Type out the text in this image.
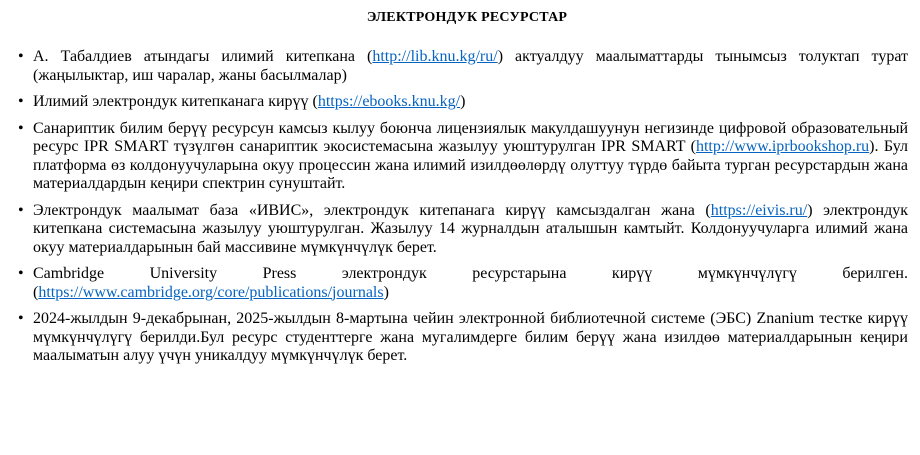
ЭЛЕКТРОНДУК РЕСУРСТАР
• А. Табалдиев атындагы илимий китепкана (http://lib.knu.kg/ru/) актуалдуу маалыматтарды тынымсыз толуктап турат (жаңылыктар, иш чаралар, жаны басылмалар)
• Илимий электрондук китепканага кирүү (https://ebooks.knu.kg/)
• Санариптик билим берүү ресурсун камсыз кылуу боюнча лицензиялык макулдашуунун негизинде цифровой образовательный ресурс IPR SMART түзүлгөн санариптик экосистемасына жазылуу уюштурулган IPR SMART (http://www.iprbookshop.ru). Бул платформа өз колдонуучуларына окуу процессин жана илимий изилдөөлөрдү олуттуу түрдө байыта турган ресурстардын жана материалдардын кеңири спектрин сунуштайт.
• Электрондук маалымат база «ИВИС», электрондук китепанага кирүү камсыздалган жана (https://eivis.ru/) электрондук китепкана системасына жазылуу уюштурулган. Жазылуу 14 журналдын аталышын камтыйт. Колдонуучуларга илимий жана окуу материалдарынын бай массивине мүмкүнчүлүк берет.
• Cambridge University Press электрондук ресурстарына кирүү мүмкүнчүлүгү берилген. (https://www.cambridge.org/core/publications/journals)
• 2024-жылдын 9-декабрынан, 2025-жылдын 8-мартына чейин электронной библиотечной системе (ЭБС) Znanium тестке кирүү мүмкүнчүлүгү берилди.Бул ресурс студенттерге жана мугалимдерге билим берүү жана изилдөө материалдарынын кеңири маалыматын алуу үчүн уникалдуу мүмкүнчүлүк берет.
